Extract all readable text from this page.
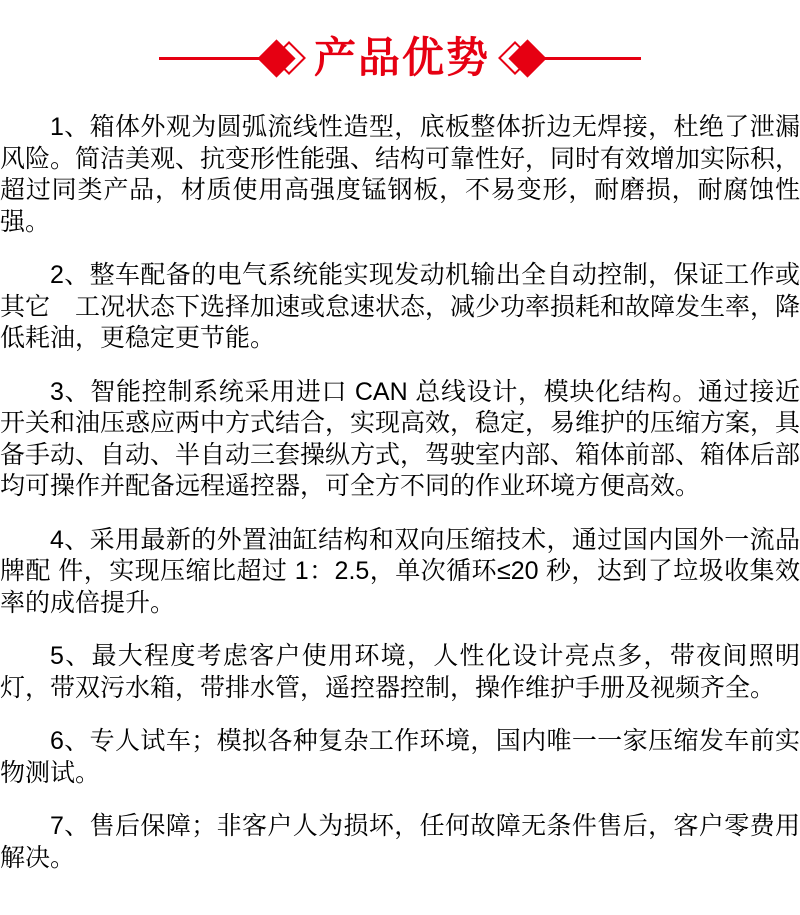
产品优势

1、箱体外观为圆弧流线性造型，底板整体折边无焊接，杜绝了泄漏风险。简洁美观、抗变形性能强、结构可靠性好，同时有效增加实际积，超过同类产品，材质使用高强度锰钢板，不易变形，耐磨损，耐腐蚀性强。

2、整车配备的电气系统能实现发动机输出全自动控制，保证工作或其它　工况状态下选择加速或怠速状态，减少功率损耗和故障发生率，降低耗油，更稳定更节能。

3、智能控制系统采用进口 CAN 总线设计，模块化结构。通过接近开关和油压惑应两中方式结合，实现高效，稳定，易维护的压缩方案，具备手动、自动、半自动三套操纵方式，驾驶室内部、箱体前部、箱体后部均可操作并配备远程遥控器，可全方不同的作业环境方便高效。

4、采用最新的外置油缸结构和双向压缩技术，通过国内国外一流品牌配 件，实现压缩比超过 1：2.5，单次循环≤20 秒，达到了垃圾收集效率的成倍提升。

5、最大程度考虑客户使用环境，人性化设计亮点多，带夜间照明灯，带双污水箱，带排水管，遥控器控制，操作维护手册及视频齐全。

6、专人试车；模拟各种复杂工作环境，国内唯一一家压缩发车前实物测试。

7、售后保障；非客户人为损坏，任何故障无条件售后，客户零费用解决。
